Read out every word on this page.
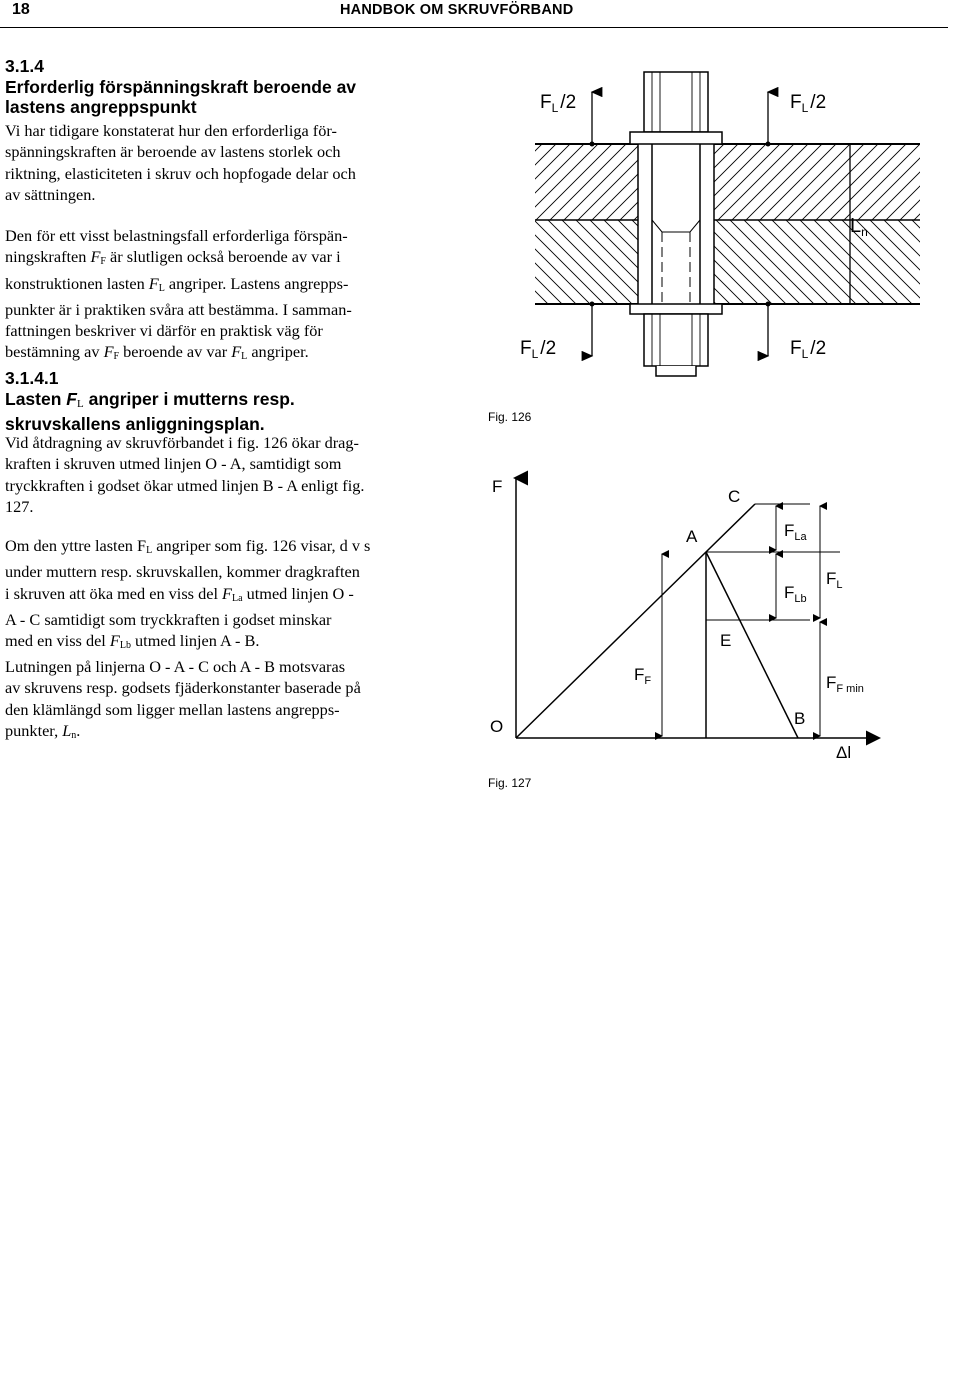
18	HANDBOK OM SKRUVFÖRBAND
3.1.4
Erforderlig förspänningskraft beroende av
lastens angreppspunkt
Vi har tidigare konstaterat hur den erforderliga för-
spänningskraften är beroende av lastens storlek och
riktning, elasticiteten i skruv och hopfogade delar och
av sättningen.
Den för ett visst belastningsfall erforderliga förspän-
ningskraften $F_F$ är slutligen också beroende av var i
konstruktionen lasten $F_L$ angriper. Lastens angrepps-
punkter är i praktiken svåra att bestämma. I samman-
fattningen beskriver vi därför en praktisk väg för
bestämning av $F_F$ beroende av var $F_L$ angriper.
3.1.4.1
Lasten FL angriper i mutterns resp.
skruvskallens anliggningsplan.
Vid åtdragning av skruvförbandet i fig. 126 ökar drag-
kraften i skruven utmed linjen O - A, samtidigt som
tryckkraften i godset ökar utmed linjen B - A enligt fig.
127.
Om den yttre lasten $F_L$ angriper som fig. 126 visar, d v s
under muttern resp. skruvskallen, kommer dragkraften
i skruven att öka med en viss del $F_{La}$ utmed linjen O -
A - C samtidigt som tryckkraften i godset minskar
med en viss del $F_{Lb}$ utmed linjen A - B.
Lutningen på linjerna O - A - C och A - B motsvaras
av skruvens resp. godsets fjäderkonstanter baserade på
den klämlängd som ligger mellan lastens angrepps-
punkter, $L_n$.
$F_L$ /2	$F_L$ /2
$F_L$ /2	$F_L$ /2
$L_n$
Fig. 126
F
C
A
E
O	B
$F_{La}$
$F_{Lb}$
$F_L$
$F_F$	$F_{F min}$
Δl
Fig. 127
